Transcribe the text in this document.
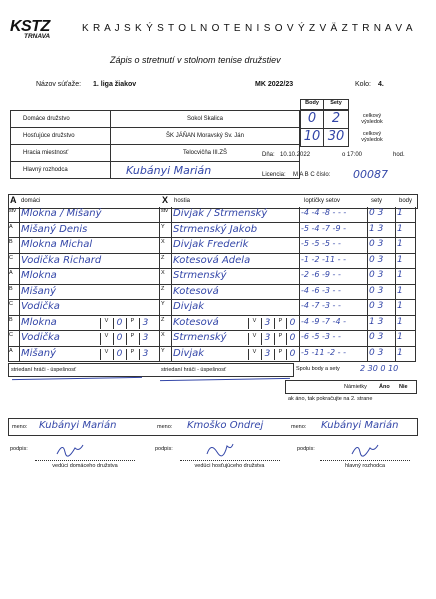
KSTZ
TRNAVA
K R A J S K Ý S T O L N O T E N I S O V Ý Z V Ä Z T R N A V A
Zápis o stretnutí v stolnom tenise družstiev
Názov súťaže: 1. liga žiakov	MK 2022/23	Kolo: 4.
Body	Sety
Domáce družstvo	Sokol Skalica
Hosťujúce družstvo	ŠK JÁŇAN Moravský Sv. Ján
Hracia miestnosť	Telocvičňa III.ZŠ
Hlavný rozhodca	Kubányi Marián
0	2
10 30
celkový výsledok
celkový výsledok
Dňa: 10.10.2022	o 17:00	hod.
Licencia: M A B C číslo: 00087
A domáci	X hostia	loptičky setov	sety	body
štv Mlokna / Mišaný	štv Divjak / Strmenský	-4 -4 -8 - - -	0 3	1
A Mišaný Denis	Y Strmenský Jakob	-5 -4 -7 -9 -	1 3	1
B Mlokna Michal	X Divjak Frederik	-5 -5 -5 - -	0 3	1
C Vodička Richard	Z Kotesová Adela	-1 -2 -11 - -	0 3	1
A Mlokna	X Strmenský	-2 -6 -9 - -	0 3	1
B Mišaný	Z Kotesová	-4 -6 -3 - -	0 3	1
C Vodička	Y Divjak	-4 -7 -3 - -	0 3	1
B Mlokna	Z Kotesová	-4 -9 -7 -4 -	1 3	1
C Vodička	X Strmenský	-6 -5 -3 - -	0 3	1
A Mišaný	Y Divjak	-5 -11 -2 - -	0 3	1
V 0	P 3	V 3	P 0
V 0	P 3	V 3	P 0
V 0	P 3	V 3	P 0
striedaní hráči - úspešnosť	striedaní hráči - úspešnosť	Spolu body a sety	2 30 0 10
Námietky Áno Nie
ak áno, tak pokračujte na 2. strane
meno: Kubányi Marián	meno: Kmoško Ondrej	meno: Kubányi Marián
podpis:	podpis:	podpis:
vedúci domáceho družstva	vedúci hosťujúceho družstva	hlavný rozhodca
